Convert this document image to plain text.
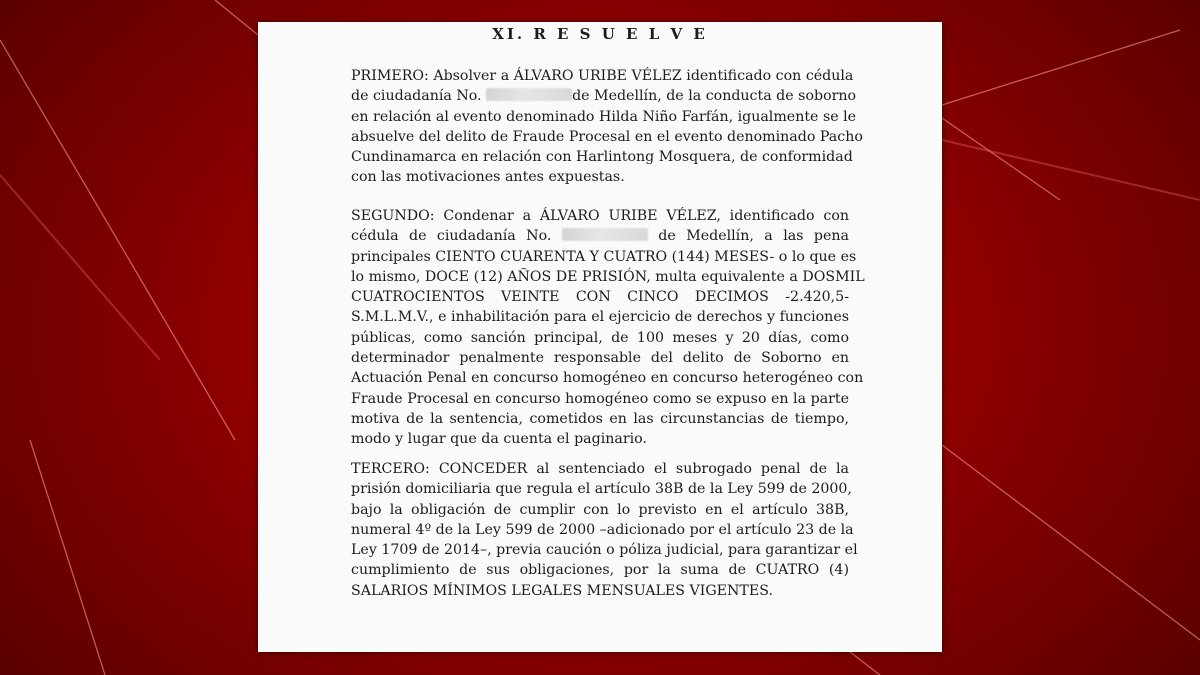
XI. R E S U E L V E
PRIMERO: Absolver a ÁLVARO URIBE VÉLEZ identificado con cédula
de ciudadanía No.	de Medellín, de la conducta de soborno
en relación al evento denominado Hilda Niño Farfán, igualmente se le
absuelve del delito de Fraude Procesal en el evento denominado Pacho
Cundinamarca en relación con Harlintong Mosquera, de conformidad
con las motivaciones antes expuestas.
SEGUNDO: Condenar a ÁLVARO URIBE VÉLEZ, identificado con
cédula de ciudadanía No.	de Medellín, a las pena
principales CIENTO CUARENTA Y CUATRO (144) MESES- o lo que es
lo mismo, DOCE (12) AÑOS DE PRISIÓN, multa equivalente a DOSMIL
CUATROCIENTOS VEINTE CON CINCO DECIMOS -2.420,5-
S.M.L.M.V., e inhabilitación para el ejercicio de derechos y funciones
públicas, como sanción principal, de 100 meses y 20 días, como
determinador penalmente responsable del delito de Soborno en
Actuación Penal en concurso homogéneo en concurso heterogéneo con
Fraude Procesal en concurso homogéneo como se expuso en la parte
motiva de la sentencia, cometidos en las circunstancias de tiempo,
modo y lugar que da cuenta el paginario.
TERCERO: CONCEDER al sentenciado el subrogado penal de la
prisión domiciliaria que regula el artículo 38B de la Ley 599 de 2000,
bajo la obligación de cumplir con lo previsto en el artículo 38B,
numeral 4º de la Ley 599 de 2000 –adicionado por el artículo 23 de la
Ley 1709 de 2014–, previa caución o póliza judicial, para garantizar el
cumplimiento de sus obligaciones, por la suma de CUATRO (4)
SALARIOS MÍNIMOS LEGALES MENSUALES VIGENTES.
